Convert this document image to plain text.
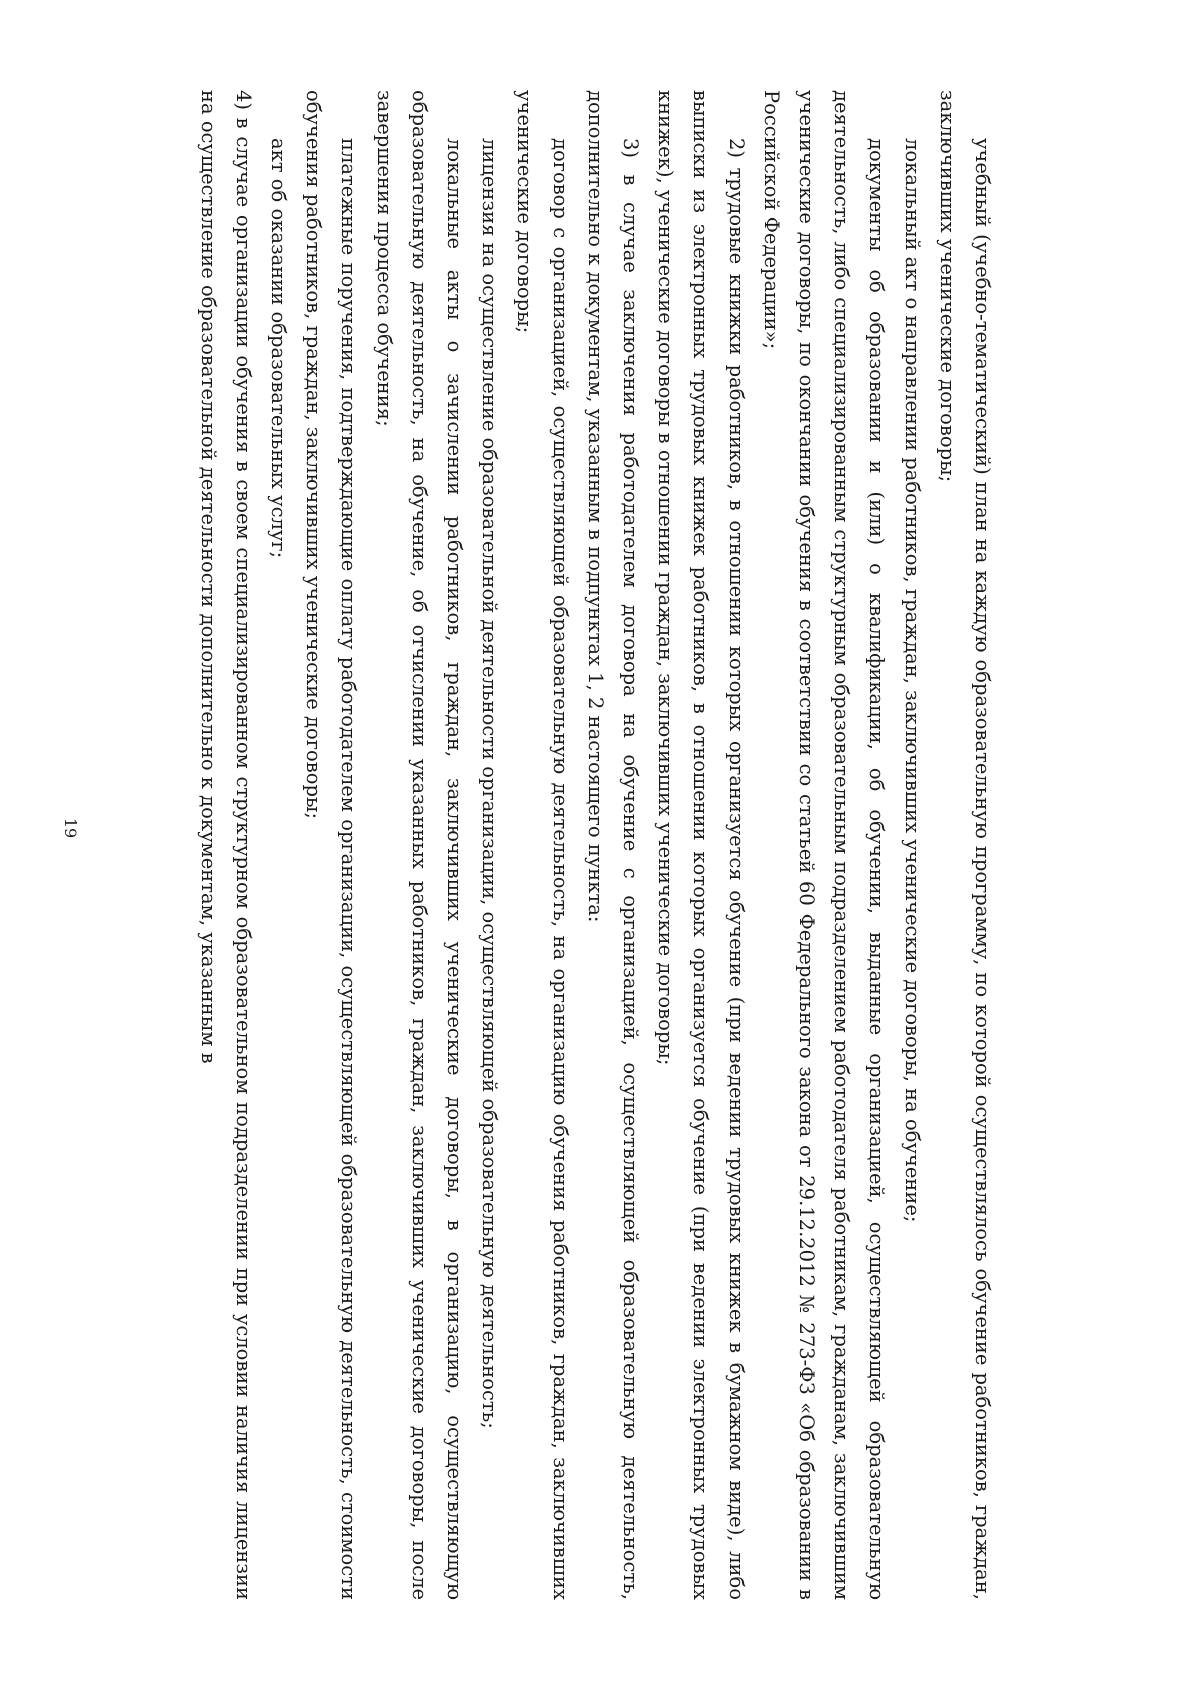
19	учебный (учебно-тематический) план на каждую образовательную программу, по которой осуществлялось обучение работников, граждан, заключивших ученические договоры;

локальный акт о направлении работников, граждан, заключивших ученические договоры, на обучение;

документы об образовании и (или) о квалификации, об обучении, выданные организацией, осуществляющей образовательную деятельность, либо специализированным структурным образовательным подразделением работодателя работникам, гражданам, заключившим ученические договоры, по окончании обучения в соответствии со статьей 60 Федерального закона от 29.12.2012 № 273-ФЗ «Об образовании в Российской Федерации»;

2) трудовые книжки работников, в отношении которых организуется обучение (при ведении трудовых книжек в бумажном виде), либо выписки из электронных трудовых книжек работников, в отношении которых организуется обучение (при ведении электронных трудовых книжек), ученические договоры в отношении граждан, заключивших ученические договоры;

3) в случае заключения работодателем договора на обучение с организацией, осуществляющей образовательную деятельность, дополнительно к документам, указанным в подпунктах 1, 2 настоящего пункта:

договор с организацией, осуществляющей образовательную деятельность, на организацию обучения работников, граждан, заключивших ученические договоры;

лицензия на осуществление образовательной деятельности организации, осуществляющей образовательную деятельность;

локальные акты о зачислении работников, граждан, заключивших ученические договоры, в организацию, осуществляющую образовательную деятельность, на обучение, об отчислении указанных работников, граждан, заключивших ученические договоры, после завершения процесса обучения;

платежные поручения, подтверждающие оплату работодателем организации, осуществляющей образовательную деятельность, стоимости обучения работников, граждан, заключивших ученические договоры;

акт об оказании образовательных услуг;

4) в случае организации обучения в своем специализированном структурном образовательном подразделении при условии наличия лицензии на осуществление образовательной деятельности дополнительно к документам, указанным в
